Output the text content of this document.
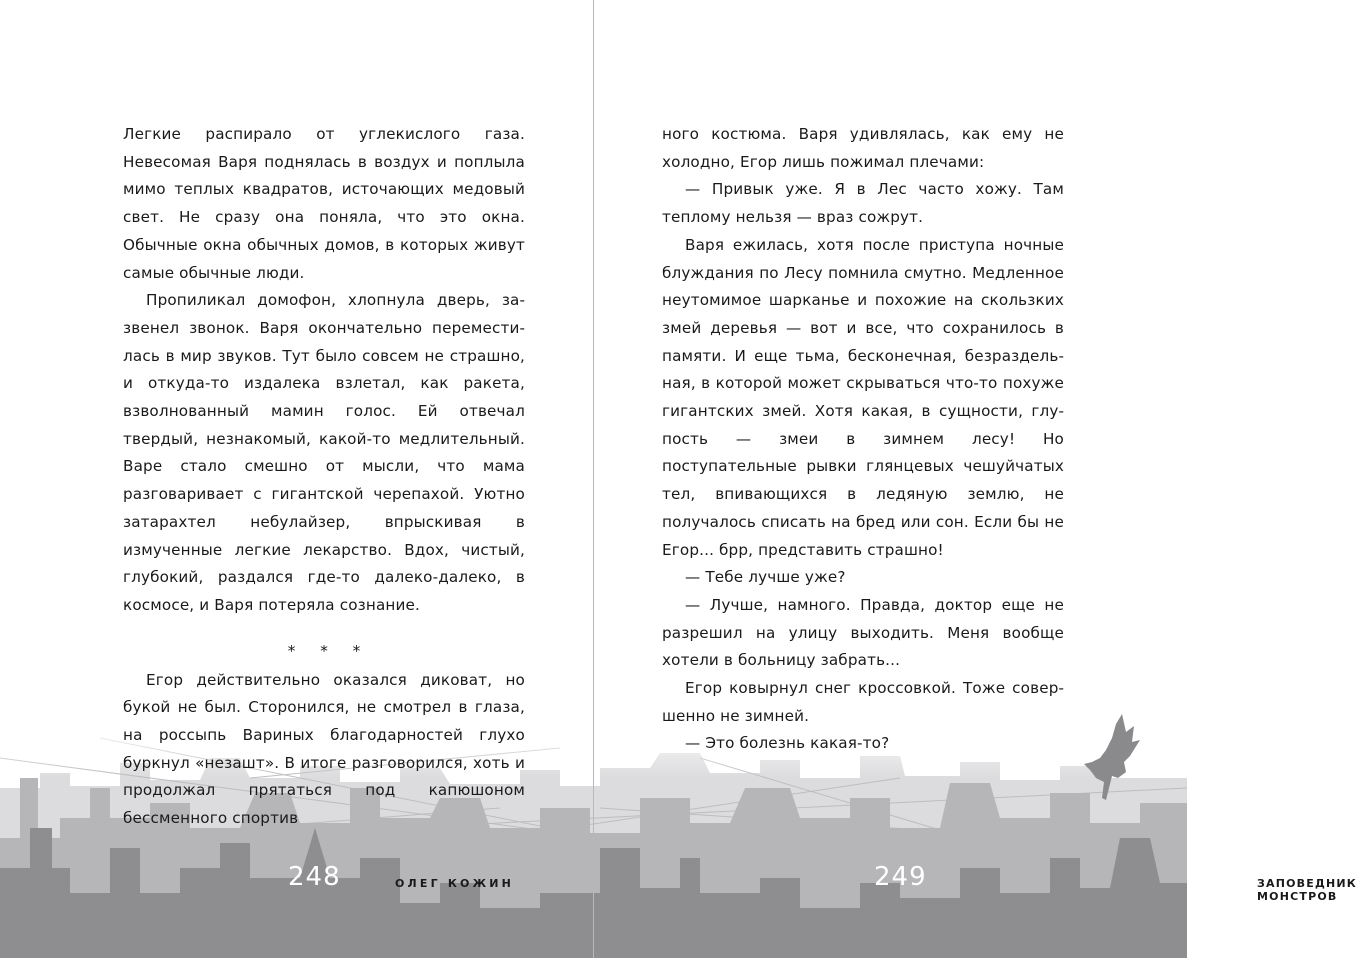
Легкие распирало от углекислого газа. Невесомая Варя поднялась в воздух и поплыла мимо теплых квадратов, источающих медовый свет. Не сразу она поняла, что это окна. Обычные окна обычных домов, в которых живут самые обычные люди.

Пропиликал домофон, хлопнула дверь, зазвенел звонок. Варя окончательно переместилась в мир звуков. Тут было совсем не страшно, и откуда-то издалека взлетал, как ракета, взволнованный мамин голос. Ей отвечал твердый, незнакомый, какой-то медлительный. Варе стало смешно от мысли, что мама разговаривает с гигантской черепахой. Уютно затарахтел небулайзер, впрыскивая в измученные легкие лекарство. Вдох, чистый, глубокий, раздался где-то далеко-далеко, в космосе, и Варя потеряла сознание.

* * *

Егор действительно оказался диковат, но букой не был. Сторонился, не смотрел в глаза, на россыпь Вариных благодарностей глухо буркнул «незашт». В итоге разговорился, хоть и продолжал прятаться под капюшоном бессменного спортив

248	ОЛЕГ КОЖИН

ного костюма. Варя удивлялась, как ему не холодно, Егор лишь пожимал плечами:

— Привык уже. Я в Лес часто хожу. Там теплому нельзя — враз сожрут.

Варя ежилась, хотя после приступа ночные блуждания по Лесу помнила смутно. Медленное неутомимое шарканье и похожие на скользких змей деревья — вот и все, что сохранилось в памяти. И еще тьма, бесконечная, безраздельная, в которой может скрываться что-то похуже гигантских змей. Хотя какая, в сущности, глупость — змеи в зимнем лесу! Но поступательные рывки глянцевых чешуйчатых тел, впивающихся в ледяную землю, не получалось списать на бред или сон. Если бы не Егор... брр, представить страшно!

— Тебе лучше уже?

— Лучше, намного. Правда, доктор еще не разрешил на улицу выходить. Меня вообще хотели в больницу забрать...

Егор ковырнул снег кроссовкой. Тоже совершенно не зимней.

— Это болезнь какая-то?

ЗАПОВЕДНИК МОНСТРОВ
249
